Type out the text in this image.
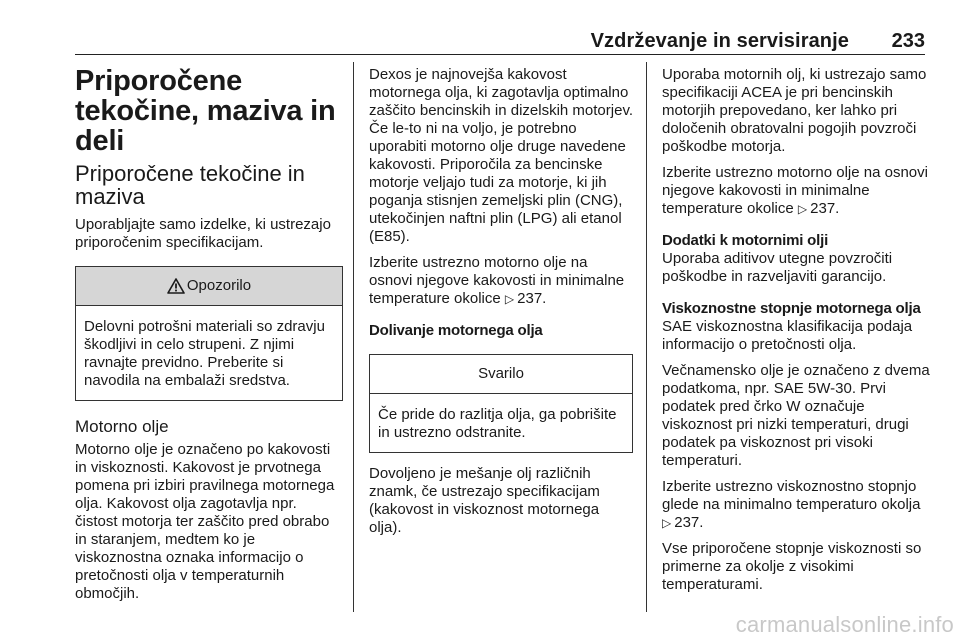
Vzdrževanje in servisiranje 233
Priporočene tekočine, maziva in deli
Priporočene tekočine in maziva

Uporabljajte samo izdelke, ki ustrezajo priporočenim specifikacijam.

Opozorilo
Delovni potrošni materiali so zdravju škodljivi in celo strupeni. Z njimi ravnajte previdno. Preberite si navodila na embalaži sredstva.
Motorno olje

Motorno olje je označeno po kakovosti in viskoznosti. Kakovost je prvotnega pomena pri izbiri pravilnega motornega olja. Kakovost olja zagotavlja npr. čistost motorja ter zaščito pred obrabo in staranjem, medtem ko je viskoznostna oznaka informacijo o pretočnosti olja v temperaturnih območjih.

Dexos je najnovejša kakovost motornega olja, ki zagotavlja optimalno zaščito bencinskih in dizelskih motorjev. Če le-to ni na voljo, je potrebno uporabiti motorno olje druge navedene kakovosti. Priporočila za bencinske motorje veljajo tudi za motorje, ki jih poganja stisnjen zemeljski plin (CNG), utekočinjen naftni plin (LPG) ali etanol (E85).

Izberite ustrezno motorno olje na osnovi njegove kakovosti in minimalne temperature okolice ▷ 237.

Dolivanje motornega olja

Svarilo
Če pride do razlitja olja, ga pobrišite in ustrezno odstranite.

Dovoljeno je mešanje olj različnih znamk, če ustrezajo specifikacijam (kakovost in viskoznost motornega olja).

Uporaba motornih olj, ki ustrezajo samo specifikaciji ACEA je pri bencinskih motorjih prepovedano, ker lahko pri določenih obratovalni pogojih povzroči poškodbe motorja.

Izberite ustrezno motorno olje na osnovi njegove kakovosti in minimalne temperature okolice ▷ 237.

Dodatki k motornimi olji

Uporaba aditivov utegne povzročiti poškodbe in razveljaviti garancijo.

Viskoznostne stopnje motornega olja

SAE viskoznostna klasifikacija podaja informacijo o pretočnosti olja.

Večnamensko olje je označeno z dvema podatkoma, npr. SAE 5W-30. Prvi podatek pred črko W označuje viskoznost pri nizki temperaturi, drugi podatek pa viskoznost pri visoki temperaturi.

Izberite ustrezno viskoznostno stopnjo glede na minimalno temperaturo okolja ▷ 237.

Vse priporočene stopnje viskoznosti so primerne za okolje z visokimi temperaturami.

carmanualsonline.info
